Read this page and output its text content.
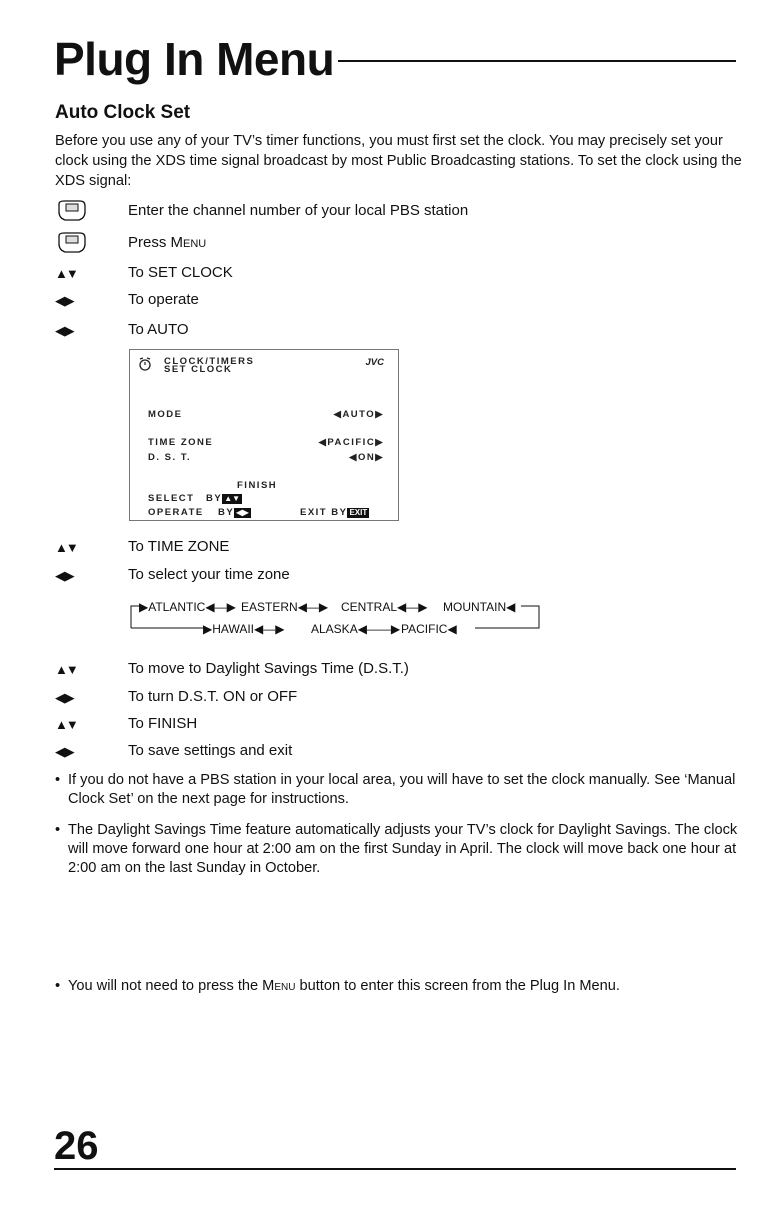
Plug In Menu
Auto Clock Set

Before you use any of your TV’s timer functions, you must first set the clock. You may precisely set your clock using the XDS time signal broadcast by most Public Broadcasting stations. To set the clock using the XDS signal:

Enter the channel number of your local PBS station
Press Menu
▲▼	To SET CLOCK
◀ ▶	To operate
◀ ▶	To AUTO
CLOCK/TIMERS
SET CLOCK
JVC
MODE	◀AUTO▶
TIME ZONE	◀PACIFIC▶
D. S. T.	◀ON▶
FINISH
SELECT BY ▲▼
OPERATE BY ◀▶	EXIT BY EXIT
▲▼	To TIME ZONE
◀ ▶	To select your time zone
▶ATLANTIC◀—▶ EASTERN◀—▶ CENTRAL◀—▶ MOUNTAIN◀
▶HAWAII◀—▶ ALASKA◀——▶ PACIFIC◀
▲▼	To move to Daylight Savings Time (D.S.T.)
◀ ▶	To turn D.S.T. ON or OFF
▲▼	To FINISH
◀ ▶	To save settings and exit
• If you do not have a PBS station in your local area, you will have to set the clock manually. See ‘Manual Clock Set’ on the next page for instructions.
• The Daylight Savings Time feature automatically adjusts your TV’s clock for Daylight Savings. The clock will move forward one hour at 2:00 am on the first Sunday in April. The clock will move back one hour at 2:00 am on the last Sunday in October.
• You will not need to press the Menu button to enter this screen from the Plug In Menu.
26
